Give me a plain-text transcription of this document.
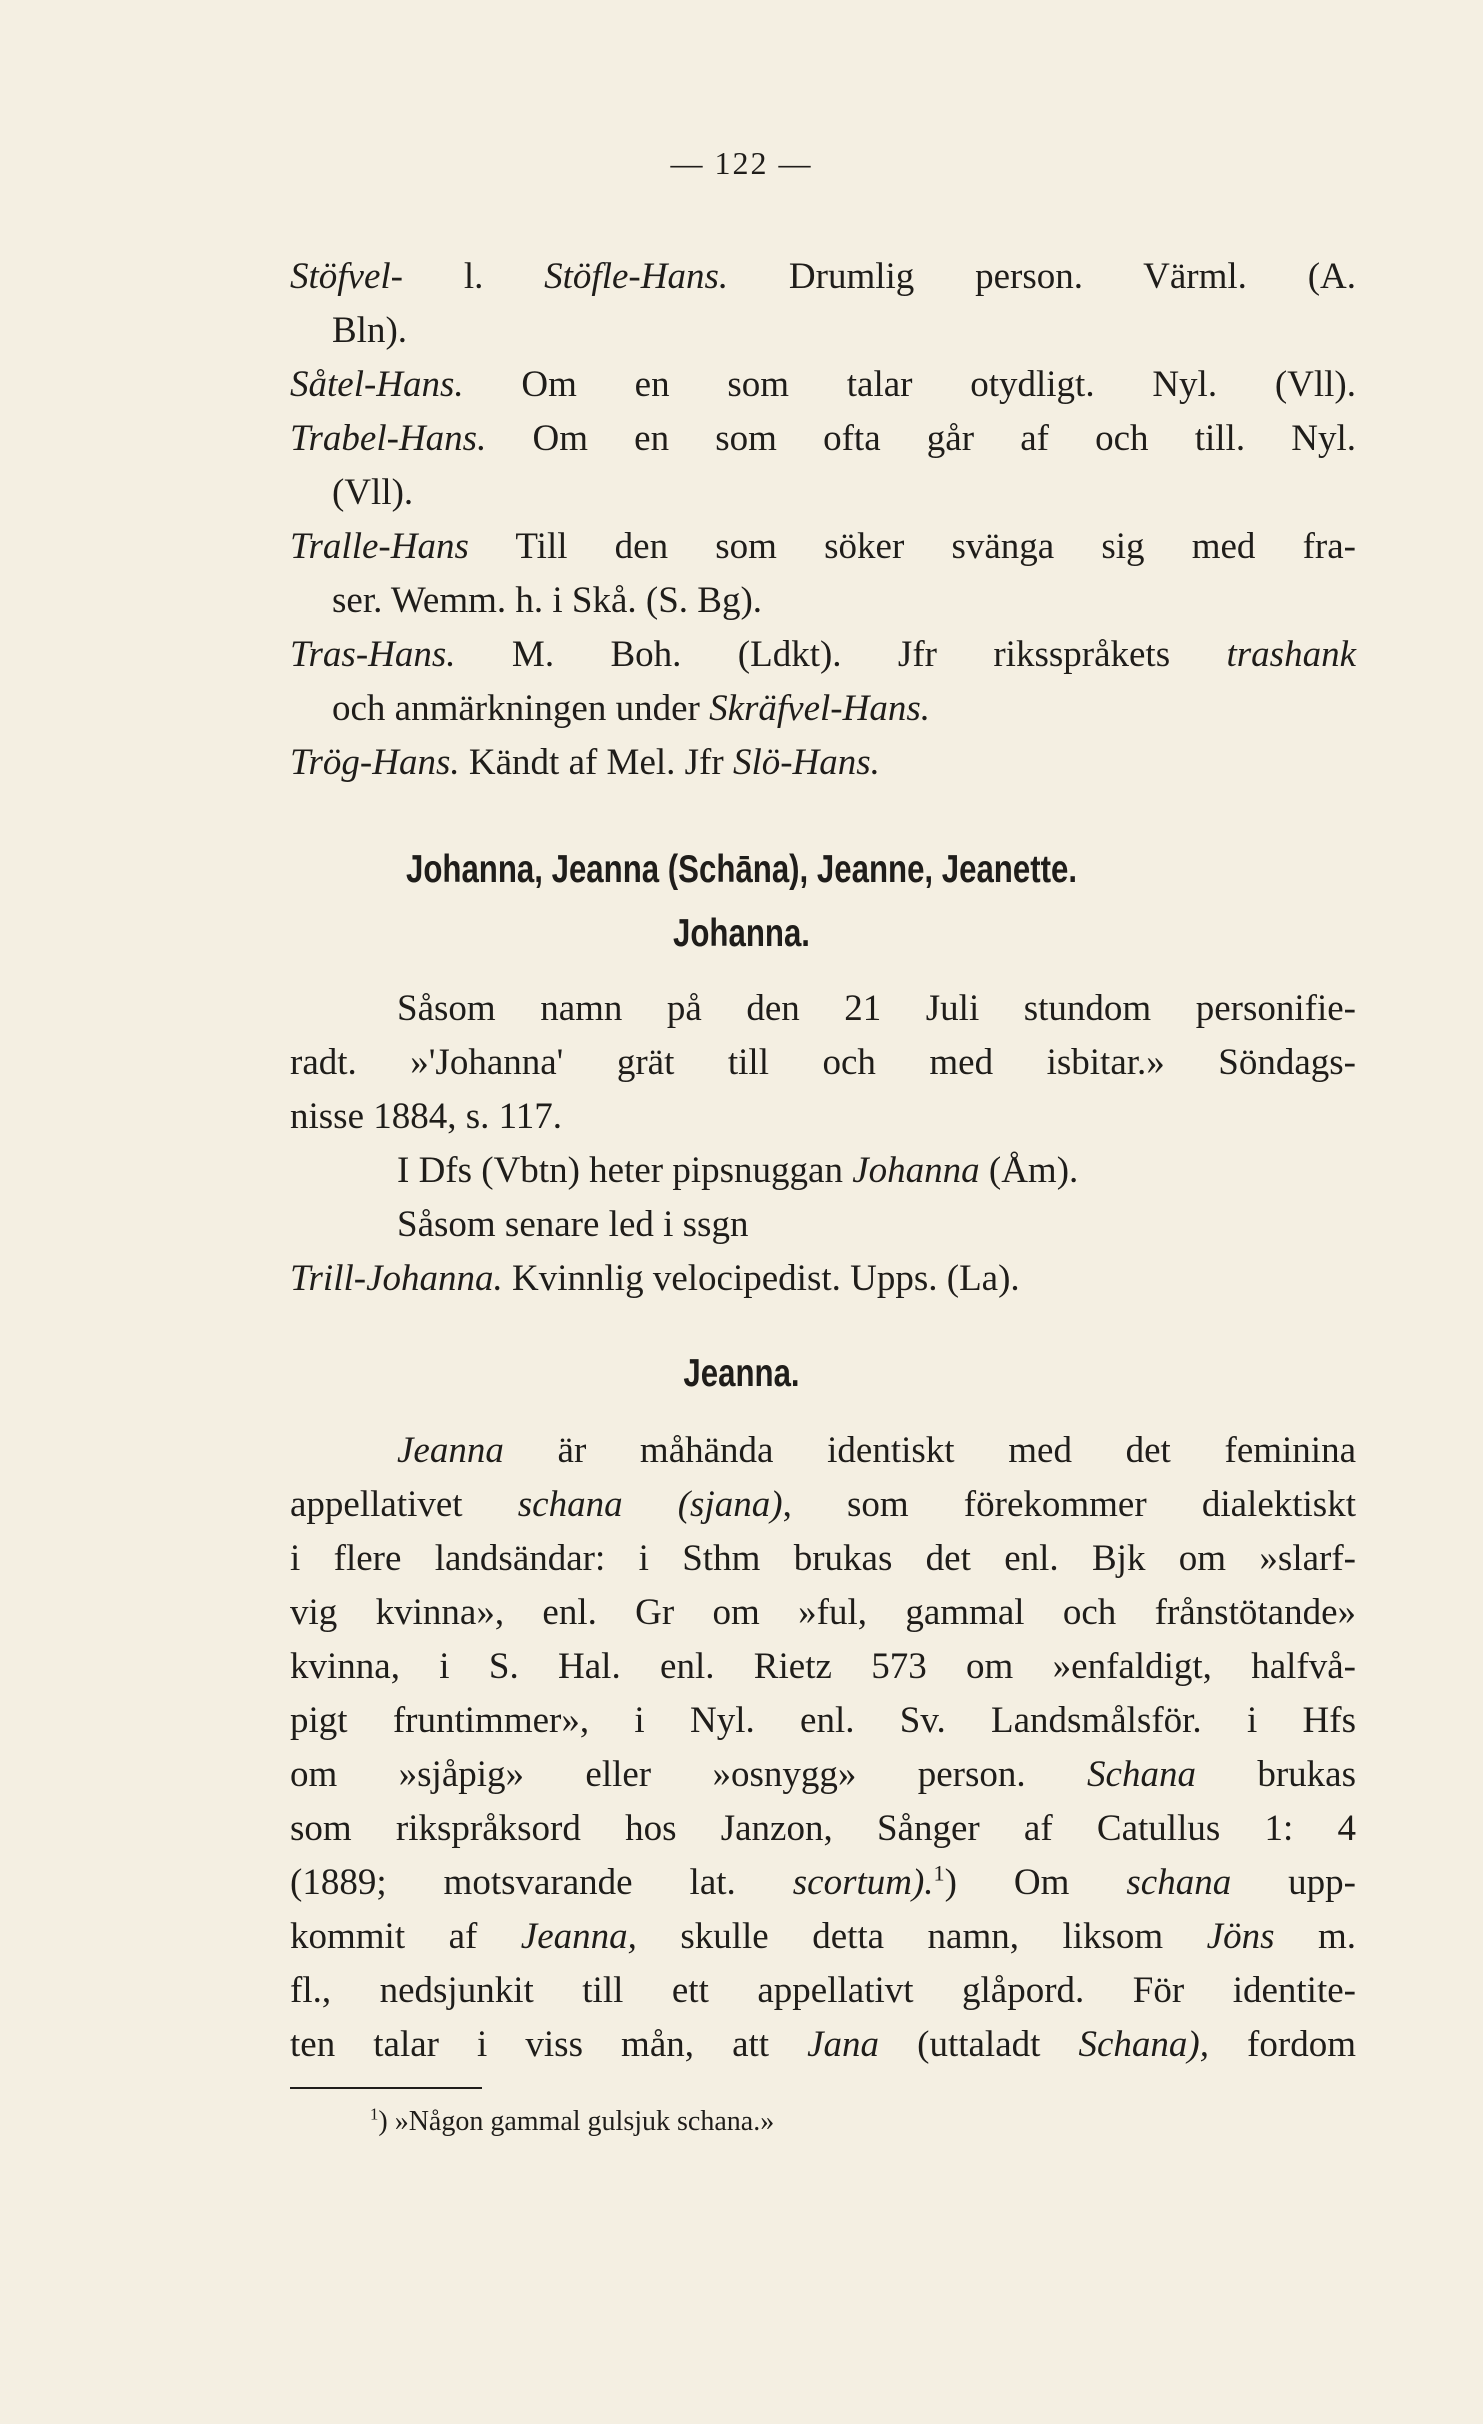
— 122 —
Stöfvel- l. Stöfle-Hans. Drumlig person. Värml. (A.
Bln).
Såtel-Hans. Om en som talar otydligt. Nyl. (Vll).
Trabel-Hans. Om en som ofta går af och till. Nyl.
(Vll).
Tralle-Hans Till den som söker svänga sig med fra-
ser. Wemm. h. i Skå. (S. Bg).
Tras-Hans. M. Boh. (Ldkt). Jfr riksspråkets trashank
och anmärkningen under Skräfvel-Hans.
Trög-Hans. Kändt af Mel. Jfr Slö-Hans.
Johanna, Jeanna (Schāna), Jeanne, Jeanette.
Johanna.
Såsom namn på den 21 Juli stundom personifie-
radt. »'Johanna' grät till och med isbitar.» Söndags-
nisse 1884, s. 117.
I Dfs (Vbtn) heter pipsnuggan Johanna (Åm).
Såsom senare led i ssgn
Trill-Johanna. Kvinnlig velocipedist. Upps. (La).
Jeanna.
Jeanna är måhända identiskt med det feminina
appellativet schana (sjana), som förekommer dialektiskt
i flere landsändar: i Sthm brukas det enl. Bjk om »slarf-
vig kvinna», enl. Gr om »ful, gammal och frånstötande»
kvinna, i S. Hal. enl. Rietz 573 om »enfaldigt, halfvå-
pigt fruntimmer», i Nyl. enl. Sv. Landsmålsför. i Hfs
om »sjåpig» eller »osnygg» person. Schana brukas
som rikspråksord hos Janzon, Sånger af Catullus 1: 4
(1889; motsvarande lat. scortum).$^1$) Om schana upp-
kommit af Jeanna, skulle detta namn, liksom Jöns m.
fl., nedsjunkit till ett appellativt glåpord. För identite-
ten talar i viss mån, att Jana (uttaladt Schana), fordom
$^1$) »Någon gammal gulsjuk schana.»
